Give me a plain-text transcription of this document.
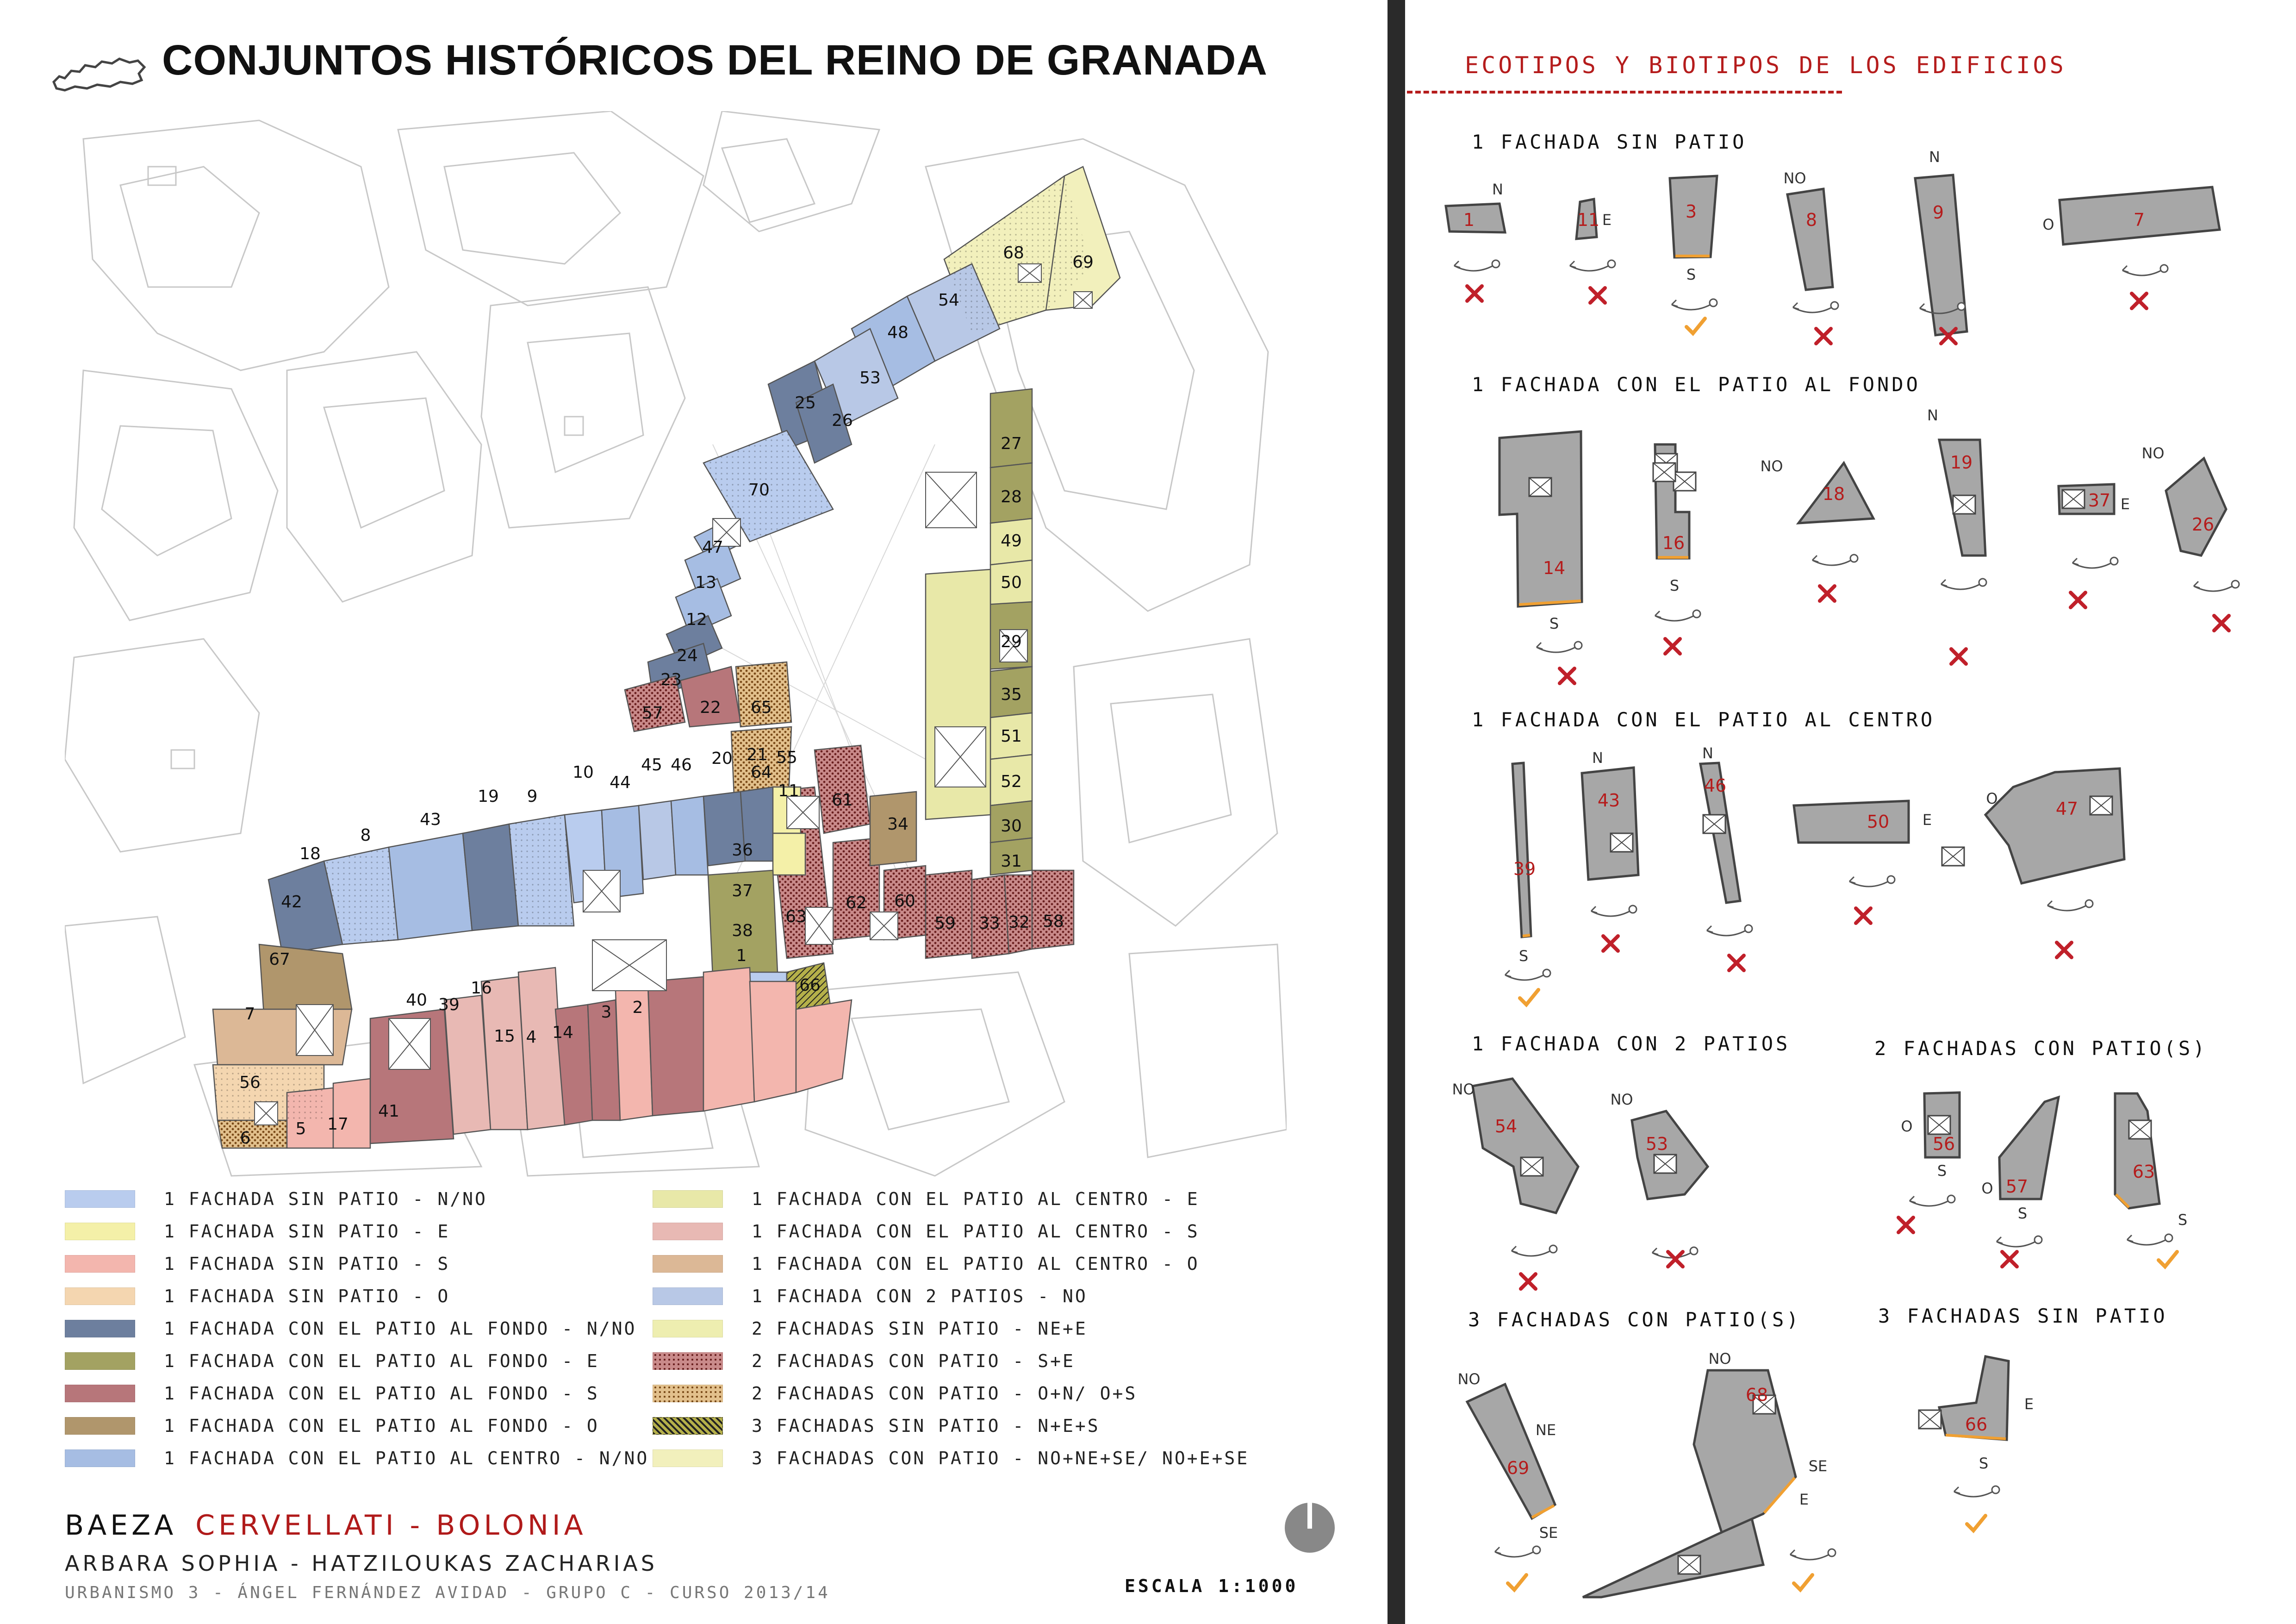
CONJUNTOS HISTÓRICOS DEL REINO DE GRANADA
68	69
54
48
53
25
26
70
27
28
49
50
29
35
51
52
30
31
47
13
12
24
23
57 22 65
64
61
34
63
62 60
59 33 32 58
18
8
43
19 9
10
44
45 46 20 21 55
11
36
37
38
1
66
42
67
7
56
6	5 17
41
40 39
16
15 4 14
3 2
1 FACHADA SIN PATIO - N/NO
1 FACHADA SIN PATIO - E
1 FACHADA SIN PATIO - S
1 FACHADA SIN PATIO - O
1 FACHADA CON EL PATIO AL FONDO - N/NO
1 FACHADA CON EL PATIO AL FONDO - E
1 FACHADA CON EL PATIO AL FONDO - S
1 FACHADA CON EL PATIO AL FONDO - O
1 FACHADA CON EL PATIO AL CENTRO - N/NO
1 FACHADA CON EL PATIO AL CENTRO - E
1 FACHADA CON EL PATIO AL CENTRO - S
1 FACHADA CON EL PATIO AL CENTRO - O
1 FACHADA CON 2 PATIOS - NO
2 FACHADAS SIN PATIO - NE+E
2 FACHADAS CON PATIO - S+E
2 FACHADAS CON PATIO - O+N/ O+S
3 FACHADAS SIN PATIO - N+E+S
3 FACHADAS CON PATIO - NO+NE+SE/ NO+E+SE
BAEZA CERVELLATI - BOLONIA
ARBARA SOPHIA - HATZILOUKAS ZACHARIAS
URBANISMO 3 - ÁNGEL FERNÁNDEZ AVIDAD - GRUPO C - CURSO 2013/14	ESCALA 1:1000
ECOTIPOS Y BIOTIPOS DE LOS EDIFICIOS
1 FACHADA SIN PATIO
1 FACHADA CON EL PATIO AL FONDO
1 FACHADA CON EL PATIO AL CENTRO
1 FACHADA CON 2 PATIOS	2 FACHADAS CON PATIO(S)
3 FACHADAS CON PATIO(S)	3 FACHADAS SIN PATIO
1	11	3	8	9	7
14
16
18
19
37
26
39
43
46
50
47
54
53	56
57
63
69
68
66
N
E
S
NO
N
O
S
S
NO
N
E
NO
S
N	N
E
O
NO
NO
O
S
O
S	S
NO
NE
SE
NO
SE
E
E
S
